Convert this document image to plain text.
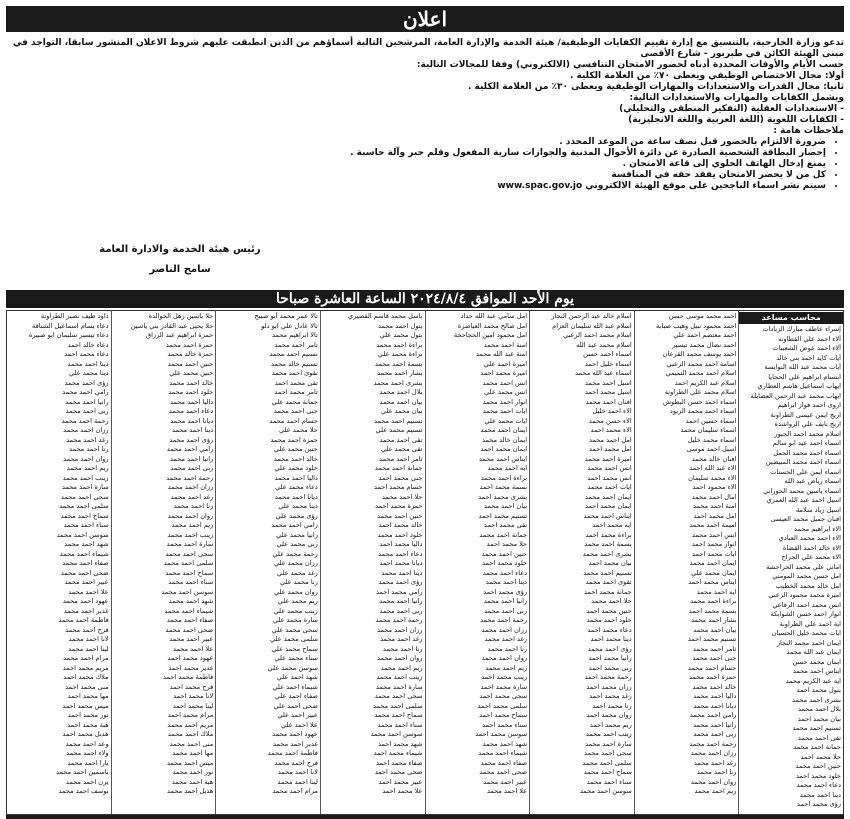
اعلان

تدعو وزارة الخارجية، بالتنسيق مع إدارة تقييم الكفايات الوظيفية/ هيئة الخدمة والإدارة العامة، المرشحين التالية أسماؤهم من الذين انطبقت عليهم شروط الاعلان المنشور سابقا، التواجد في مبنى الهيئة الكائن في طبربور - شارع الأقصى

حسب الأيام والأوقات المحددة أدناه لحضور الامتحان التنافسي (الالكتروني) وفقا للمجالات التالية:

أولا: مجال الاختصاص الوظيفي ويعطى ٧٠٪ من العلامة الكلية .

ثانيا: مجال القدرات والاستعدادات والمهارات الوظيفية ويعطى ٣٠٪ من العلامة الكلية .

ويشمل الكفايات والمهارات والاستعدادات التالية:

- الاستعدادات العقلية (التفكير المنطقي والتحليلي)

- الكفايات اللغوية (اللغة العربية واللغة الانجليزية)

ملاحظات هامة :

• ضرورة الالتزام بالحضور قبل نصف ساعة من الموعد المحدد .
• إحضار البطاقة الشخصية الصادرة عن دائرة الأحوال المدنية والجوازات سارية المفعول وقلم حبر وآلة حاسبة .
• يمنع إدخال الهاتف الخلوي إلى قاعة الامتحان .
• كل من لا يحضر الامتحان يفقد حقه في المنافسة
• سيتم نشر اسماء الناجحين على موقع الهيئة الالكتروني www.spac.gov.jo
رئيس هيئة الخدمة والادارة العامة
سامح الناصر
يوم الأحد الموافق ٢٠٢٤/٨/٤ الساعة العاشرة صباحا
محاسب مساعد
إسراء عاطف مبارك الزيادات
آلاء احمد علي القطاونه
آلاء احمد عوض الشعيبات
آيات كايد احمد بني خالد
آيات محمد عبد الله النوايسة
ابتسام ابراهيم علي الحجايا
ايهاب اسماعيل هاشم العطاري
ايهاب محمد عبد الرحمن العضايلة
اروى احمد فواز ابراهيم
اريج ايمن عيسى الطراونة
اريج نايف علي الرواشدة
اسلام محمد احمد الجبور
اسماء احمد عيد ابو سالم
اسماء احمد محمد الجمل
اسماء احمد محمد المبيضين
اسماء ايمن علي الحسنات
اسماء رياض عبد الله
اسماء ياسين محمد الحوراني
اسيل احمد عبد الله العمري
اسيل زياد سلامة
افنان جميل محمد العيسى
الاء ابراهيم محمد
الاء احمد محمد العبادي
الاء خالد احمد القضاة
الاء محمد علي الجراح
اماني علي محمد الحراحشة
امل حسن محمد المومني
امل خالد محمد الخطيب
اميرة محمد محمود الزعبي
انس محمد احمد الرفاعي
انوار احمد حسن الشوابكة
اية احمد علي الطراونة
ايات محمد خليل الحسبان
ايمان احمد محمد النجار
ايمان عبد الله محمد
ايمان محمد حسن
ايناس احمد محمد
ايه عبد الكريم محمد
بتول محمد احمد
بشرى احمد محمد
بلال احمد محمد
بيان محمد احمد
تسنيم احمد محمد
تقى احمد محمد
جمانة احمد محمد
حلا محمد احمد
حنين احمد محمد
خلود محمد احمد
دعاء احمد محمد
دينا احمد محمد
رؤى محمد احمد
احمد محمد موسى حسن
احمد محمود نبيل وهيب صبابة
احمد معتصم احمد علي
احمد نضال محمد تيسير
احمد يوسف محمد القرعان
اسامة احمد محمد الزعبي
اسلام احمد محمد التميمي
اسلام عبد الكريم احمد
اسلام محمد علي الطراونة
اسماء احمد حسن البطوش
اسماء احمد محمد الزيود
اسماء حسين احمد
اسماء سليمان محمد
اسماء محمد خليل
اسيل احمد موسى
افنان خالد محمد
الاء عبد الله احمد
الاء محمد سليمان
الاء محمود احمد
امال احمد محمد
امنة احمد محمد
امل محمد احمد
اميمة احمد محمد
انس احمد محمد
انوار محمد احمد
ايات محمد احمد
ايمان احمد محمد
ايمان محمد علي
ايناس محمد احمد
ايه احمد محمد
براءة احمد محمد
بسمة محمد احمد
بشار احمد محمد
بيان احمد محمد
تسنيم محمد احمد
ثامر احمد محمد
جنى احمد محمد
حسام احمد محمد
حمزة احمد محمد
خالد احمد محمد
داليا احمد محمد
ديانا احمد محمد
رامي احمد محمد
رانيا احمد محمد
ربى احمد محمد
رحمة احمد محمد
رزان احمد محمد
رغد احمد محمد
رنا احمد محمد
روان احمد محمد
ريم احمد محمد
اسلام خالد عبد الرحمن النجار
اسلام عبد الله سليمان العزام
اسلام محمد احمد الزعبي
اسلام محمد عبد الله
اسماء احمد حسن
اسماء خليل احمد
اسماء عبد الله محمد
اسيل احمد محمد
اسيل محمد احمد
افنان احمد محمد
الاء احمد خليل
الاء حسن محمد
الاء محمد احمد
امل احمد محمد
امل محمد احمد
اميرة احمد محمد
انس احمد محمد
انس محمد احمد
ايات احمد محمد
ايمان احمد محمد
ايمان محمد احمد
ايناس احمد محمد
ايه محمد احمد
براءة محمد احمد
بسمة احمد محمد
بشرى احمد محمد
بيان محمد احمد
تسنيم احمد محمد
تقوى احمد محمد
جمانة محمد احمد
حلا احمد محمد
حنين محمد احمد
خلود احمد محمد
دعاء محمد احمد
دينا محمد احمد
رؤى احمد محمد
رانيا محمد احمد
ربى محمد احمد
رحمة محمد احمد
رزان محمد احمد
رغد محمد احمد
رنا محمد احمد
روان محمد احمد
ريم محمد احمد
زينب احمد محمد
سارة احمد محمد
سجى احمد محمد
سلمى احمد محمد
سماح احمد محمد
سناء احمد محمد
سوسن احمد محمد
امل سامي عبد الله حداد
امل صالح محمد العياصرة
امل محمود امين الحجاحجة
امنة احمد محمد
امنة عبد الله محمد
اميرة احمد علي
اميرة محمد احمد
انس احمد محمد
انس محمد علي
انوار احمد محمد
ايات احمد محمد
ايات محمد علي
ايمان احمد محمد
ايمان خالد محمد
ايمان محمد احمد
ايناس احمد محمد
ايه احمد محمد
براءة احمد محمد
بسمة محمد احمد
بشرى محمد احمد
بيان احمد محمد
تسنيم محمد احمد
تقى محمد احمد
جمانة احمد محمد
حلا محمد احمد
حنين احمد محمد
خلود محمد احمد
دعاء احمد محمد
دينا احمد محمد
رؤى محمد احمد
رانيا احمد محمد
ربى احمد محمد
رحمة احمد محمد
رزان احمد محمد
رغد احمد محمد
رنا احمد محمد
روان احمد محمد
ريم احمد محمد
زينب محمد احمد
سارة محمد احمد
سجى محمد احمد
سلمى محمد احمد
سماح محمد احمد
سناء محمد احمد
سوسن محمد احمد
شهد احمد محمد
شيماء احمد محمد
صفاء احمد محمد
ضحى احمد محمد
عبير احمد محمد
علا احمد محمد
باسل محمد قاسم القصيري
بتول احمد محمد
بتول محمد علي
براءة احمد محمد
براءة محمد علي
بسمة احمد محمد
بشار احمد محمد
بشرى احمد محمد
بلال احمد محمد
بيان احمد محمد
بيان محمد علي
تسنيم احمد محمد
تسنيم محمد علي
تقى احمد محمد
تقى محمد علي
ثامر احمد محمد
جمانة احمد محمد
جنى محمد احمد
حسام محمد احمد
حلا احمد محمد
حمزة محمد احمد
حنين احمد محمد
خالد محمد احمد
خلود احمد محمد
داليا محمد احمد
دعاء احمد محمد
ديانا محمد احمد
دينا احمد محمد
رؤى احمد محمد
رامي محمد احمد
رانيا احمد محمد
ربى احمد محمد
رحمة احمد محمد
رزان احمد محمد
رغد احمد محمد
رنا احمد محمد
روان احمد محمد
ريم احمد محمد
زينب احمد محمد
سارة احمد محمد
سجى احمد محمد
سلمى احمد محمد
سماح احمد محمد
سناء احمد محمد
سوسن احمد محمد
شهد محمد احمد
شيماء محمد احمد
صفاء محمد احمد
ضحى محمد احمد
عبير محمد احمد
علا محمد احمد
تالا عمر محمد أبو صبيح
تالا عادل علي ابو دلو
تالا ابراهيم محمد
تامر احمد محمد
تسنيم احمد محمد
تسنيم خالد محمد
تقوى احمد محمد
تقى محمد احمد
ثامر محمد احمد
جمانة محمد علي
جنى احمد محمد
حسام احمد محمد
حلا محمد علي
حمزة احمد محمد
حنين محمد علي
خالد احمد محمد
خلود محمد علي
داليا احمد محمد
دعاء محمد علي
ديانا احمد محمد
دينا محمد علي
رؤى محمد علي
رامي احمد محمد
رانيا محمد علي
ربى محمد علي
رحمة محمد علي
رزان محمد علي
رغد محمد علي
رنا محمد علي
روان محمد علي
ريم محمد علي
زينب محمد علي
سارة محمد علي
سجى محمد علي
سلمى محمد علي
سماح محمد علي
سناء محمد علي
سوسن محمد علي
شهد احمد علي
شيماء احمد علي
صفاء احمد علي
ضحى احمد علي
عبير احمد علي
علا احمد علي
عهود احمد محمد
غدير احمد محمد
فاطمة احمد محمد
فرح احمد محمد
لانا احمد محمد
لينا احمد محمد
مرام احمد محمد
حلا ياسين زهل الخوالدة
حلا يحيى عبد القادر بني ياسين
حمزة ابراهيم عبد الرزاق
حمزة احمد محمد
حمزة خالد محمد
حنين احمد محمد
حنين محمد علي
خالد احمد محمد
خلود احمد محمد
داليا احمد محمد
دعاء احمد محمد
ديانا احمد محمد
دينا احمد محمد
رؤى احمد محمد
رامي احمد محمد
رانيا احمد محمد
ربى احمد محمد
رحمة احمد محمد
رزان احمد محمد
رغد احمد محمد
رنا احمد محمد
روان احمد محمد
ريم احمد محمد
زينب احمد محمد
سارة احمد محمد
سجى احمد محمد
سلمى احمد محمد
سماح احمد محمد
سناء احمد محمد
سوسن احمد محمد
شهد احمد محمد
شيماء احمد محمد
صفاء احمد محمد
ضحى احمد محمد
عبير احمد محمد
علا احمد محمد
عهود محمد احمد
غدير محمد احمد
فاطمة محمد احمد
فرح محمد احمد
لانا محمد احمد
لينا محمد احمد
مرام محمد احمد
مريم احمد محمد
ملاك احمد محمد
منى احمد محمد
مها احمد محمد
ميس احمد محمد
نور احمد محمد
هبة احمد محمد
هديل احمد محمد
داود طيف نصير الطراونة
دعاء بسام اسماعيل الشناقة
دعاء تيسير سليمان ابو صبيرة
دعاء خالد احمد
دعاء محمد احمد
دينا احمد محمد
دينا محمد علي
رؤى احمد محمد
رامي احمد محمد
رانيا احمد محمد
ربى احمد محمد
رحمة احمد محمد
رزان احمد محمد
رغد احمد محمد
رنا احمد محمد
روان احمد محمد
ريم احمد محمد
زينب احمد محمد
سارة احمد محمد
سجى احمد محمد
سلمى احمد محمد
سماح احمد محمد
سناء احمد محمد
سوسن احمد محمد
شهد احمد محمد
شيماء احمد محمد
صفاء احمد محمد
ضحى احمد محمد
عبير احمد محمد
علا احمد محمد
عهود احمد محمد
غدير احمد محمد
فاطمة احمد محمد
فرح احمد محمد
لانا احمد محمد
لينا احمد محمد
مرام احمد محمد
مريم محمد احمد
ملاك محمد احمد
منى محمد احمد
مها محمد احمد
ميس محمد احمد
نور محمد احمد
هبة محمد احمد
هديل محمد احمد
وعد احمد محمد
ولاء احمد محمد
يارا احمد محمد
ياسمين احمد محمد
يزن احمد محمد
يوسف احمد محمد
